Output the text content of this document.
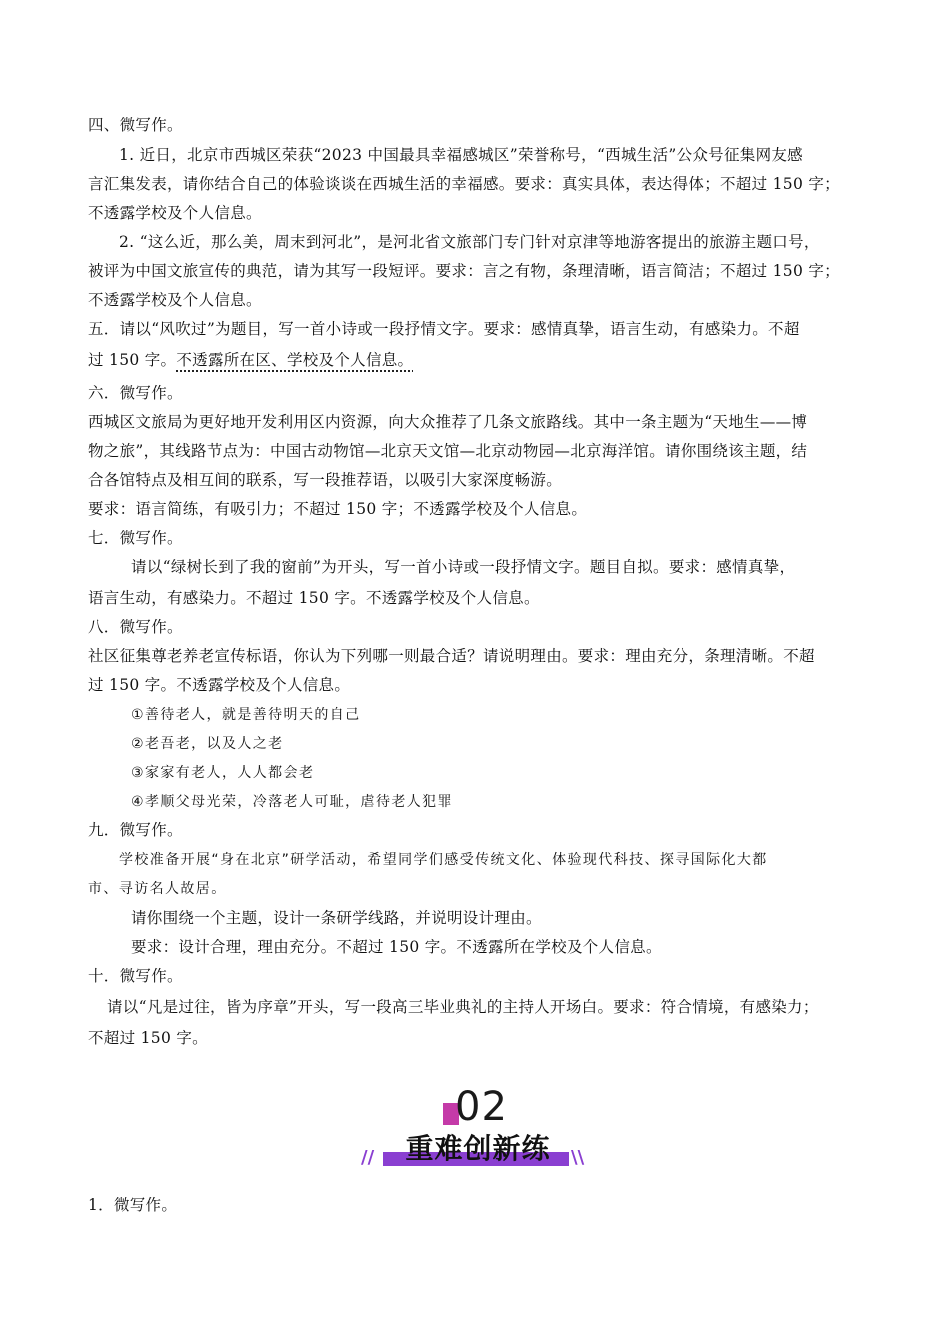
四、微写作。
1. 近日，北京市西城区荣获“2023 中国最具幸福感城区”荣誉称号，“西城生活”公众号征集网友感
言汇集发表，请你结合自己的体验谈谈在西城生活的幸福感。要求：真实具体，表达得体；不超过 150 字；
不透露学校及个人信息。
2. “这么近，那么美，周末到河北”，是河北省文旅部门专门针对京津等地游客提出的旅游主题口号，
被评为中国文旅宣传的典范，请为其写一段短评。要求：言之有物，条理清晰，语言简洁；不超过 150 字；
不透露学校及个人信息。
五．请以“风吹过”为题目，写一首小诗或一段抒情文字。要求：感情真挚，语言生动，有感染力。不超
过 150 字。不透露所在区、学校及个人信息。
六．微写作。
西城区文旅局为更好地开发利用区内资源，向大众推荐了几条文旅路线。其中一条主题为“天地生——博
物之旅”，其线路节点为：中国古动物馆—北京天文馆—北京动物园—北京海洋馆。请你围绕该主题，结
合各馆特点及相互间的联系，写一段推荐语，以吸引大家深度畅游。
要求：语言简练，有吸引力；不超过 150 字；不透露学校及个人信息。
七．微写作。
请以“绿树长到了我的窗前”为开头，写一首小诗或一段抒情文字。题目自拟。要求：感情真挚，
语言生动，有感染力。不超过 150 字。不透露学校及个人信息。
八．微写作。
社区征集尊老养老宣传标语，你认为下列哪一则最合适？请说明理由。要求：理由充分，条理清晰。不超
过 150 字。不透露学校及个人信息。
①善待老人，就是善待明天的自己
②老吾老，以及人之老
③家家有老人，人人都会老
④孝顺父母光荣，冷落老人可耻，虐待老人犯罪
九．微写作。
学校准备开展“身在北京”研学活动，希望同学们感受传统文化、体验现代科技、探寻国际化大都
市、寻访名人故居。
请你围绕一个主题，设计一条研学线路，并说明设计理由。
要求：设计合理，理由充分。不超过 150 字。不透露所在学校及个人信息。
十．微写作。
请以“凡是过往，皆为序章”开头，写一段高三毕业典礼的主持人开场白。要求：符合情境，有感染力；
不超过 150 字。
02
//	重难创新练	\\
1．微写作。
